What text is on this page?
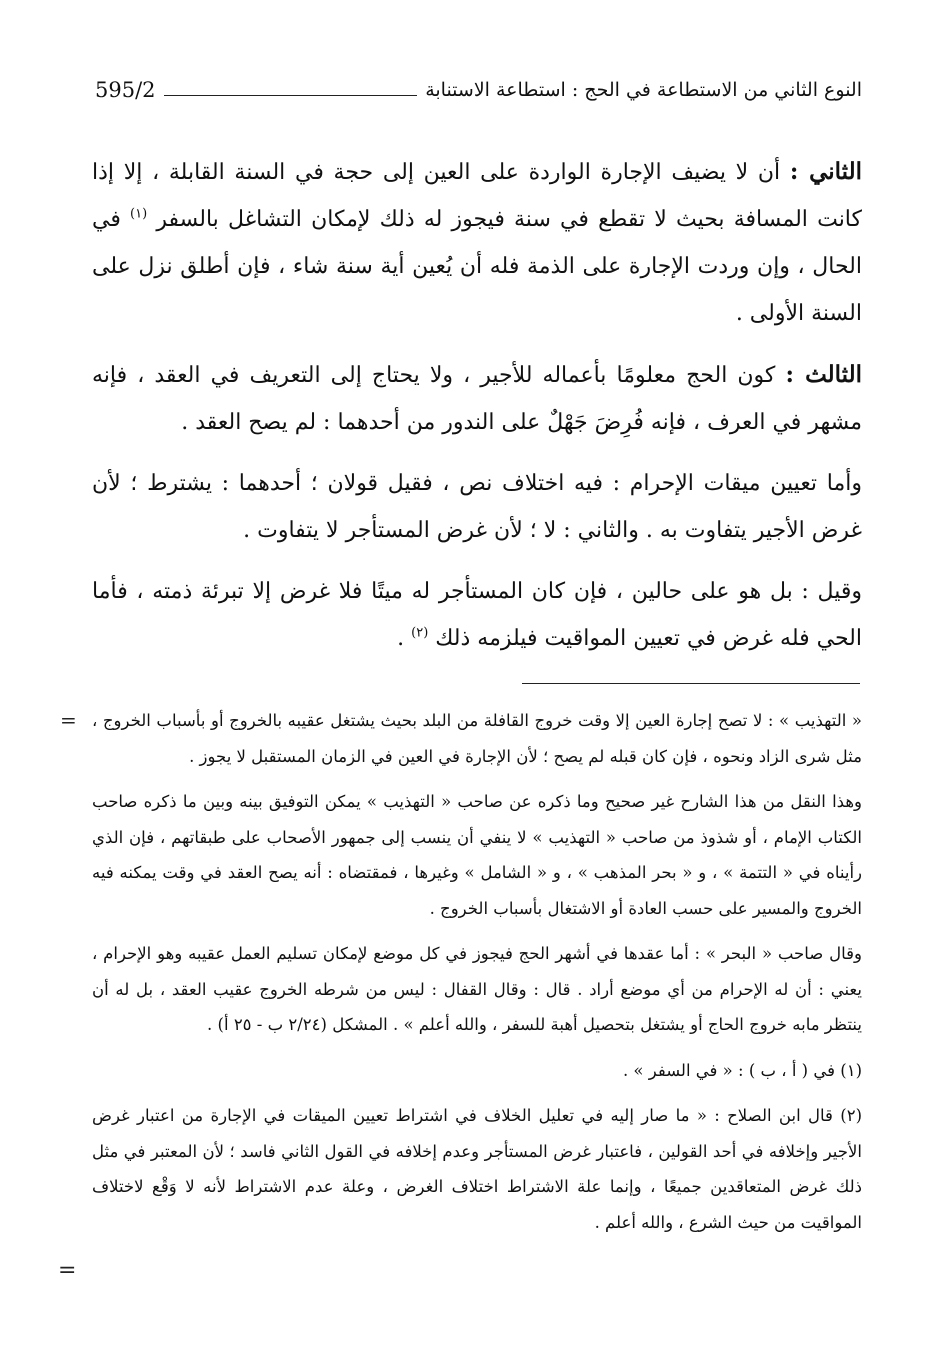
595/2	النوع الثاني من الاستطاعة في الحج : استطاعة الاستنابة

الثاني : أن لا يضيف الإجارة الواردة على العين إلى حجة في السنة القابلة ، إلا إذا كانت المسافة بحيث لا تقطع في سنة فيجوز له ذلك لإمكان التشاغل بالسفر $^{(١)}$ في الحال ، وإن وردت الإجارة على الذمة فله أن يُعين أية سنة شاء ، فإن أطلق نزل على السنة الأولى .

الثالث : كون الحج معلومًا بأعماله للأجير ، ولا يحتاج إلى التعريف في العقد ، فإنه مشهر في العرف ، فإنه فُرِضَ جَهْلٌ على الندور من أحدهما : لم يصح العقد .

وأما تعيين ميقات الإحرام : فيه اختلاف نص ، فقيل قولان ؛ أحدهما : يشترط ؛ لأن غرض الأجير يتفاوت به . والثاني : لا ؛ لأن غرض المستأجر لا يتفاوت .

وقيل : بل هو على حالين ، فإن كان المستأجر له ميتًا فلا غرض إلا تبرئة ذمته ، فأما الحي فله غرض في تعيين المواقيت فيلزمه ذلك $^{(٢)}$ .

= « التهذيب » : لا تصح إجارة العين إلا وقت خروج القافلة من البلد بحيث يشتغل عقيبه بالخروج أو بأسباب الخروج ، مثل شرى الزاد ونحوه ، فإن كان قبله لم يصح ؛ لأن الإجارة في العين في الزمان المستقبل لا يجوز .

وهذا النقل من هذا الشارح غير صحيح وما ذكره عن صاحب « التهذيب » يمكن التوفيق بينه وبين ما ذكره صاحب الكتاب الإمام ، أو شذوذ من صاحب « التهذيب » لا ينفي أن ينسب إلى جمهور الأصحاب على طبقاتهم ، فإن الذي رأيناه في « التتمة » ، و « بحر المذهب » ، و « الشامل » وغيرها ، فمقتضاه : أنه يصح العقد في وقت يمكنه فيه الخروج والمسير على حسب العادة أو الاشتغال بأسباب الخروج .

وقال صاحب « البحر » : أما عقدها في أشهر الحج فيجوز في كل موضع لإمكان تسليم العمل عقيبه وهو الإحرام ، يعني : أن له الإحرام من أي موضع أراد . قال : وقال القفال : ليس من شرطه الخروج عقيب العقد ، بل له أن ينتظر مابه خروج الحاج أو يشتغل بتحصيل أهبة للسفر ، والله أعلم » . المشكل (٢/٢٤ ب - ٢٥ أ) .

(١) في ( أ ، ب ) : « في السفر » .

(٢) قال ابن الصلاح : « ما صار إليه في تعليل الخلاف في اشتراط تعيين الميقات في الإجارة من اعتبار غرض الأجير وإخلافه في أحد القولين ، فاعتبار غرض المستأجر وعدم إخلافه في القول الثاني فاسد ؛ لأن المعتبر في مثل ذلك غرض المتعاقدين جميعًا ، وإنما علة الاشتراط اختلاف الغرض ، وعلة عدم الاشتراط لأنه لا وَقْع لاختلاف المواقيت من حيث الشرع ، والله أعلم .

=
